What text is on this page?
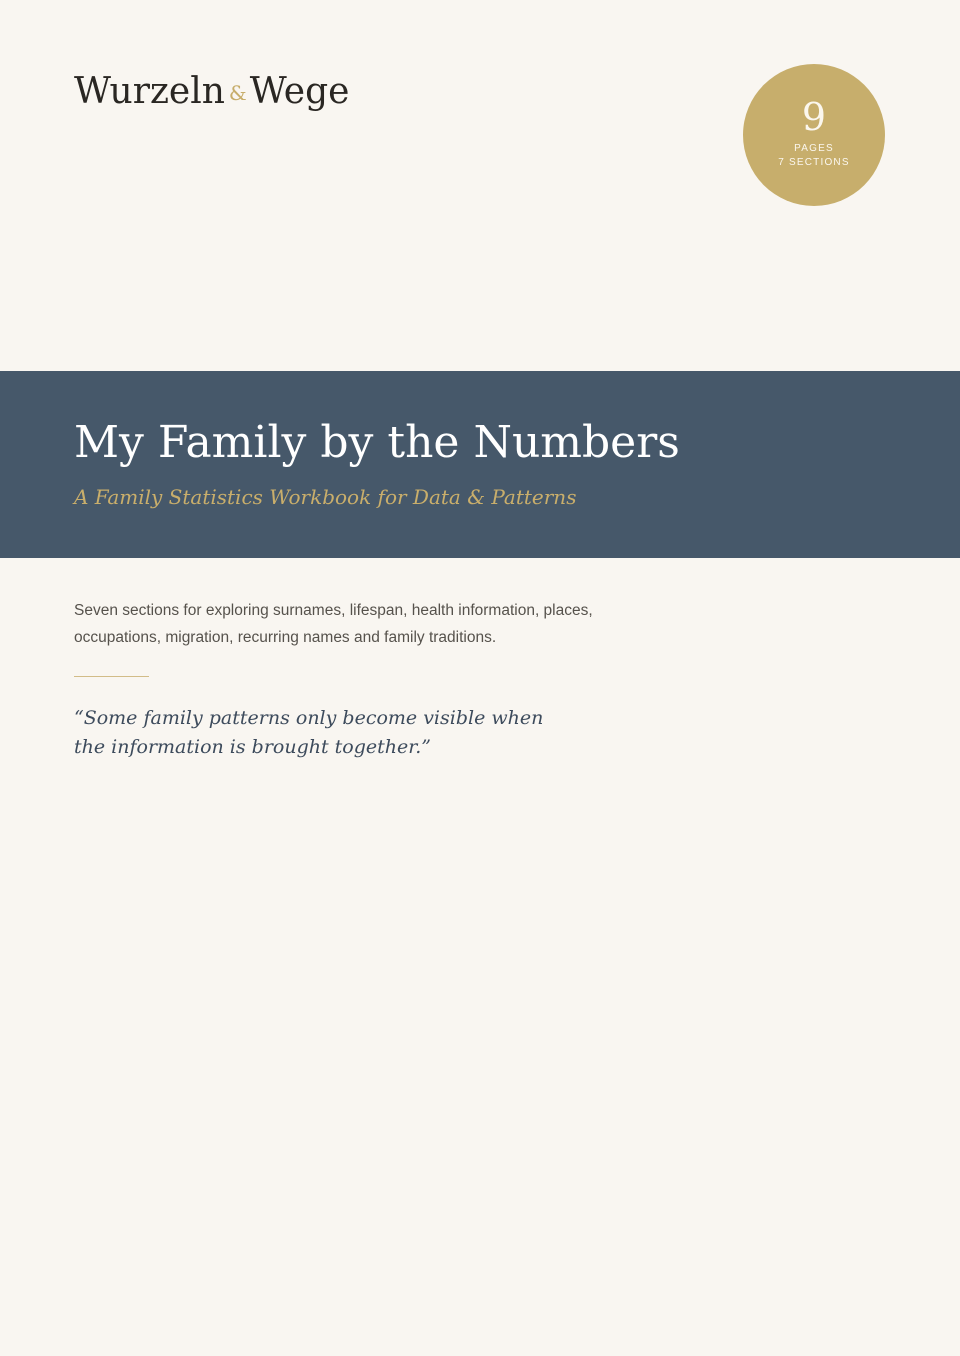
Wurzeln &Wege
9
PAGES
7 SECTIONS
My Family by the Numbers
A Family Statistics Workbook for Data & Patterns
Seven sections for exploring surnames, lifespan, health information, places, occupations, migration, recurring names and family traditions.
“Some family patterns only become visible when the information is brought together.”
